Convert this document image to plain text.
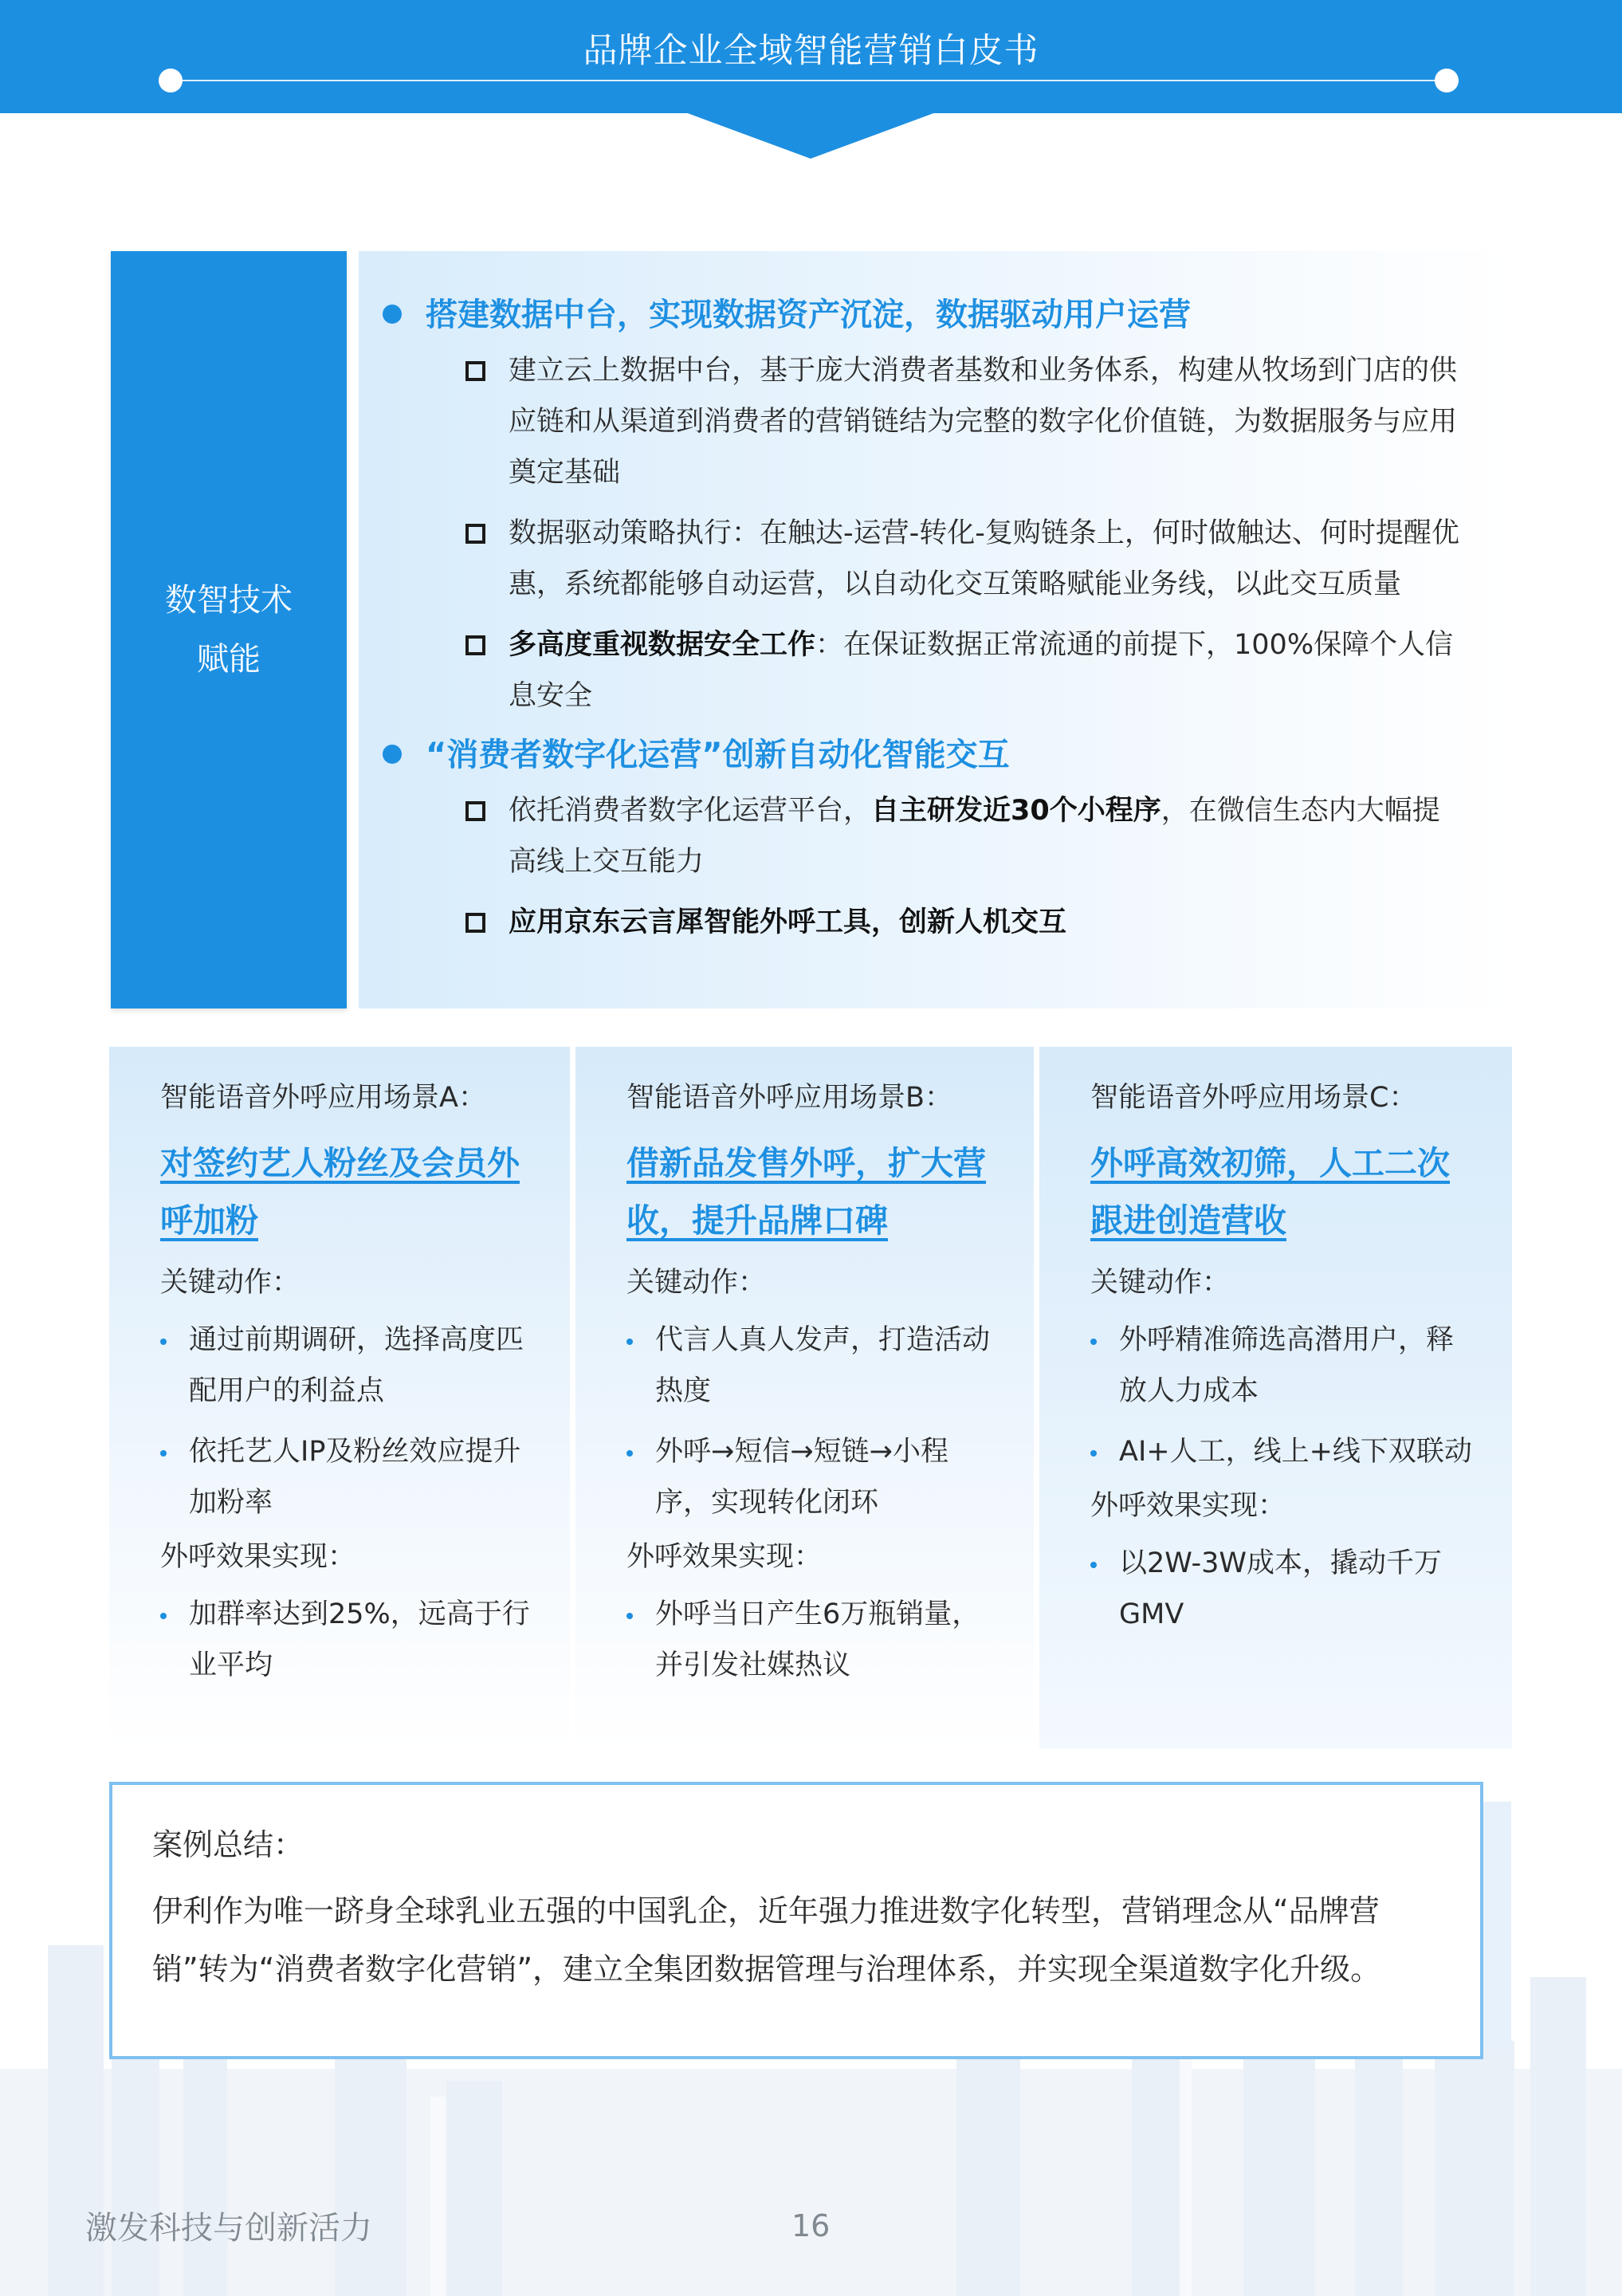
品牌企业全域智能营销白皮书
数智技术
赋能
搭建数据中台，实现数据资产沉淀，数据驱动用户运营
建立云上数据中台，基于庞大消费者基数和业务体系，构建从牧场到门店的供应链和从渠道到消费者的营销链结为完整的数字化价值链，为数据服务与应用奠定基础
数据驱动策略执行：在触达-运营-转化-复购链条上，何时做触达、何时提醒优惠，系统都能够自动运营，以自动化交互策略赋能业务线，以此交互质量
多高度重视数据安全工作：在保证数据正常流通的前提下，100%保障个人信息安全
“消费者数字化运营”创新自动化智能交互
依托消费者数字化运营平台，自主研发近30个小程序，在微信生态内大幅提高线上交互能力
应用京东云言犀智能外呼工具，创新人机交互
智能语音外呼应用场景A：
对签约艺人粉丝及会员外呼加粉
关键动作：
通过前期调研，选择高度匹配用户的利益点
依托艺人IP及粉丝效应提升加粉率
外呼效果实现：
加群率达到25%，远高于行业平均
智能语音外呼应用场景B：
借新品发售外呼，扩大营收，提升品牌口碑
关键动作：
代言人真人发声，打造活动热度
外呼→短信→短链→小程序，实现转化闭环
外呼效果实现：
外呼当日产生6万瓶销量，并引发社媒热议
智能语音外呼应用场景C：
外呼高效初筛，人工二次跟进创造营收
关键动作：
外呼精准筛选高潜用户，释放人力成本
AI+人工，线上+线下双联动
外呼效果实现：
以2W-3W成本，撬动千万GMV
案例总结：
伊利作为唯一跻身全球乳业五强的中国乳企，近年强力推进数字化转型，营销理念从“品牌营销”转为“消费者数字化营销”，建立全集团数据管理与治理体系，并实现全渠道数字化升级。
激发科技与创新活力	16
